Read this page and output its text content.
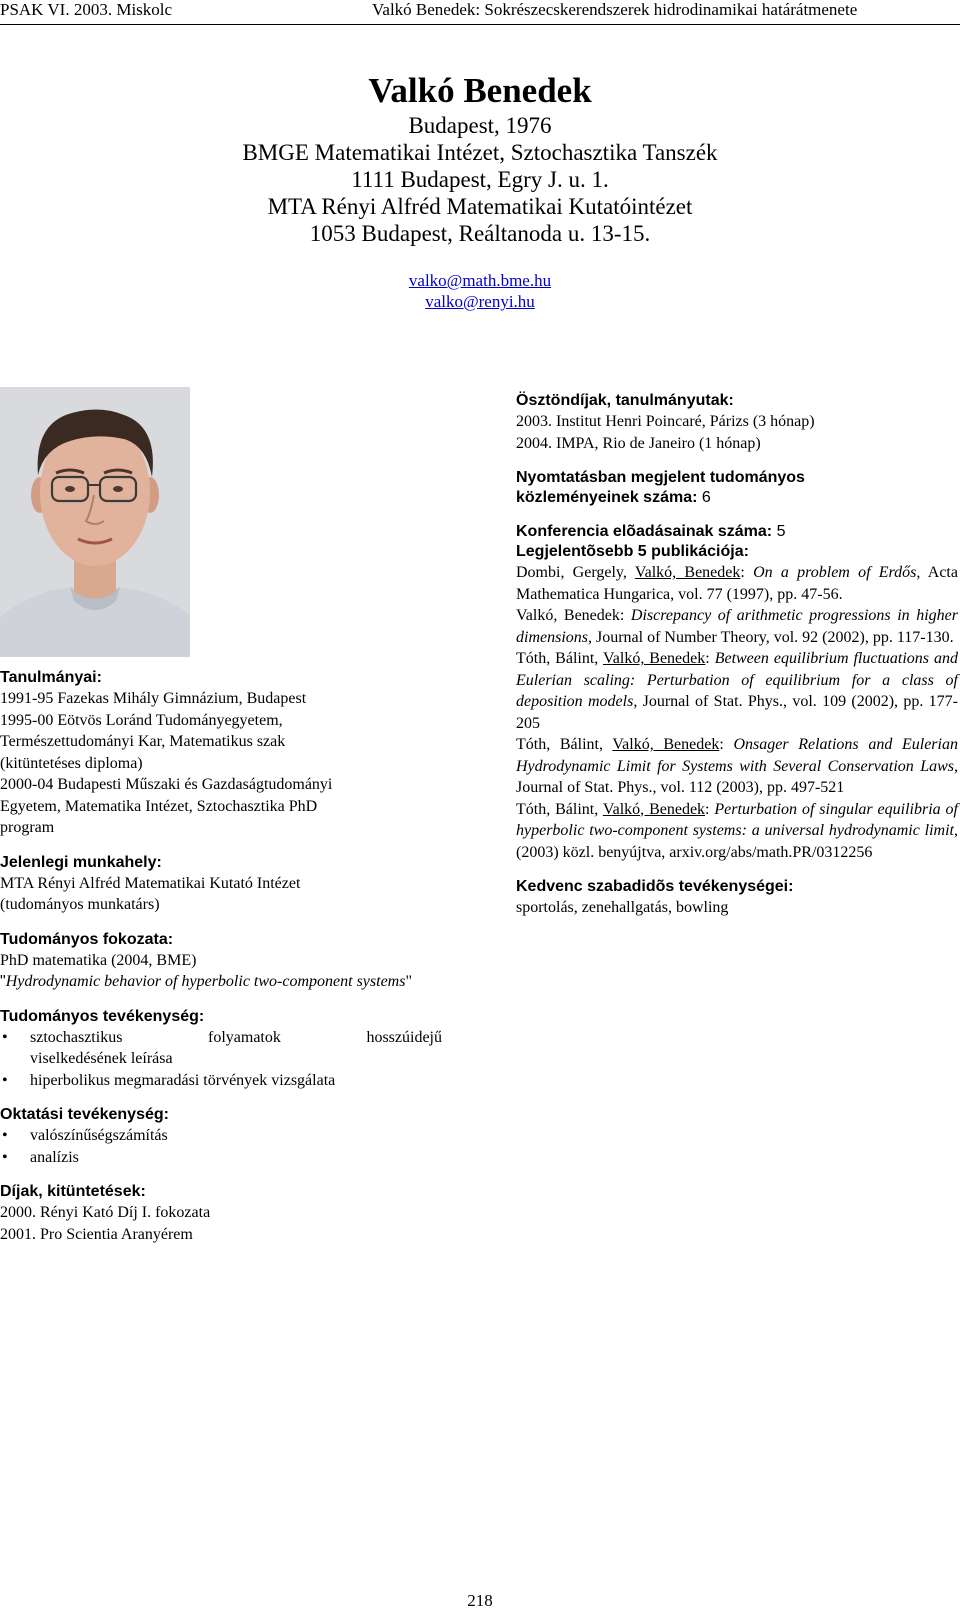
PSAK VI. 2003. Miskolc	Valkó Benedek: Sokrészecskerendszerek hidrodinamikai határátmenete
Valkó Benedek
Budapest, 1976
BMGE Matematikai Intézet, Sztochasztika Tanszék
1111 Budapest, Egry J. u. 1.
MTA Rényi Alfréd Matematikai Kutatóintézet
1053 Budapest, Reáltanoda u. 13-15.
valko@math.bme.hu
valko@renyi.hu

Tanulmányai:

1991-95 Fazekas Mihály Gimnázium, Budapest

1995-00 Eötvös Loránd Tudományegyetem,

Természettudományi Kar, Matematikus szak

(kitüntetéses diploma)

2000-04 Budapesti Műszaki és Gazdaságtudományi

Egyetem, Matematika Intézet, Sztochasztika PhD

program

Jelenlegi munkahely:

MTA Rényi Alfréd Matematikai Kutató Intézet

(tudományos munkatárs)

Tudományos fokozata:

PhD matematika (2004, BME)

"Hydrodynamic behavior of hyperbolic two-component systems"

Tudományos tevékenység:

• sztochasztikus	folyamatok	hosszúidejű
viselkedésének leírása
• hiperbolikus megmaradási törvények vizsgálata

Oktatási tevékenység:

• valószínűségszámítás
• analízis

Díjak, kitüntetések:

2000. Rényi Kató Díj I. fokozata

2001. Pro Scientia Aranyérem

Ösztöndíjak, tanulmányutak:

2003. Institut Henri Poincaré, Párizs (3 hónap)

2004. IMPA, Rio de Janeiro (1 hónap)

Nyomtatásban megjelent tudományos

közleményeinek száma: 6

Konferencia elõadásainak száma: 5

Legjelentõsebb 5 publikációja:

Dombi, Gergely, Valkó, Benedek: On a problem of Erdős, Acta Mathematica Hungarica, vol. 77 (1997), pp. 47-56.

Valkó, Benedek: Discrepancy of arithmetic progressions in higher dimensions, Journal of Number Theory, vol. 92 (2002), pp. 117-130.

Tóth, Bálint, Valkó, Benedek: Between equilibrium fluctuations and Eulerian scaling: Perturbation of equilibrium for a class of deposition models, Journal of Stat. Phys., vol. 109 (2002), pp. 177-205

Tóth, Bálint, Valkó, Benedek: Onsager Relations and Eulerian Hydrodynamic Limit for Systems with Several Conservation Laws, Journal of Stat. Phys., vol. 112 (2003), pp. 497-521

Tóth, Bálint, Valkó, Benedek: Perturbation of singular equilibria of hyperbolic two-component systems: a universal hydrodynamic limit, (2003) közl. benyújtva, arxiv.org/abs/math.PR/0312256

Kedvenc szabadidõs tevékenységei:

sportolás, zenehallgatás, bowling

218
